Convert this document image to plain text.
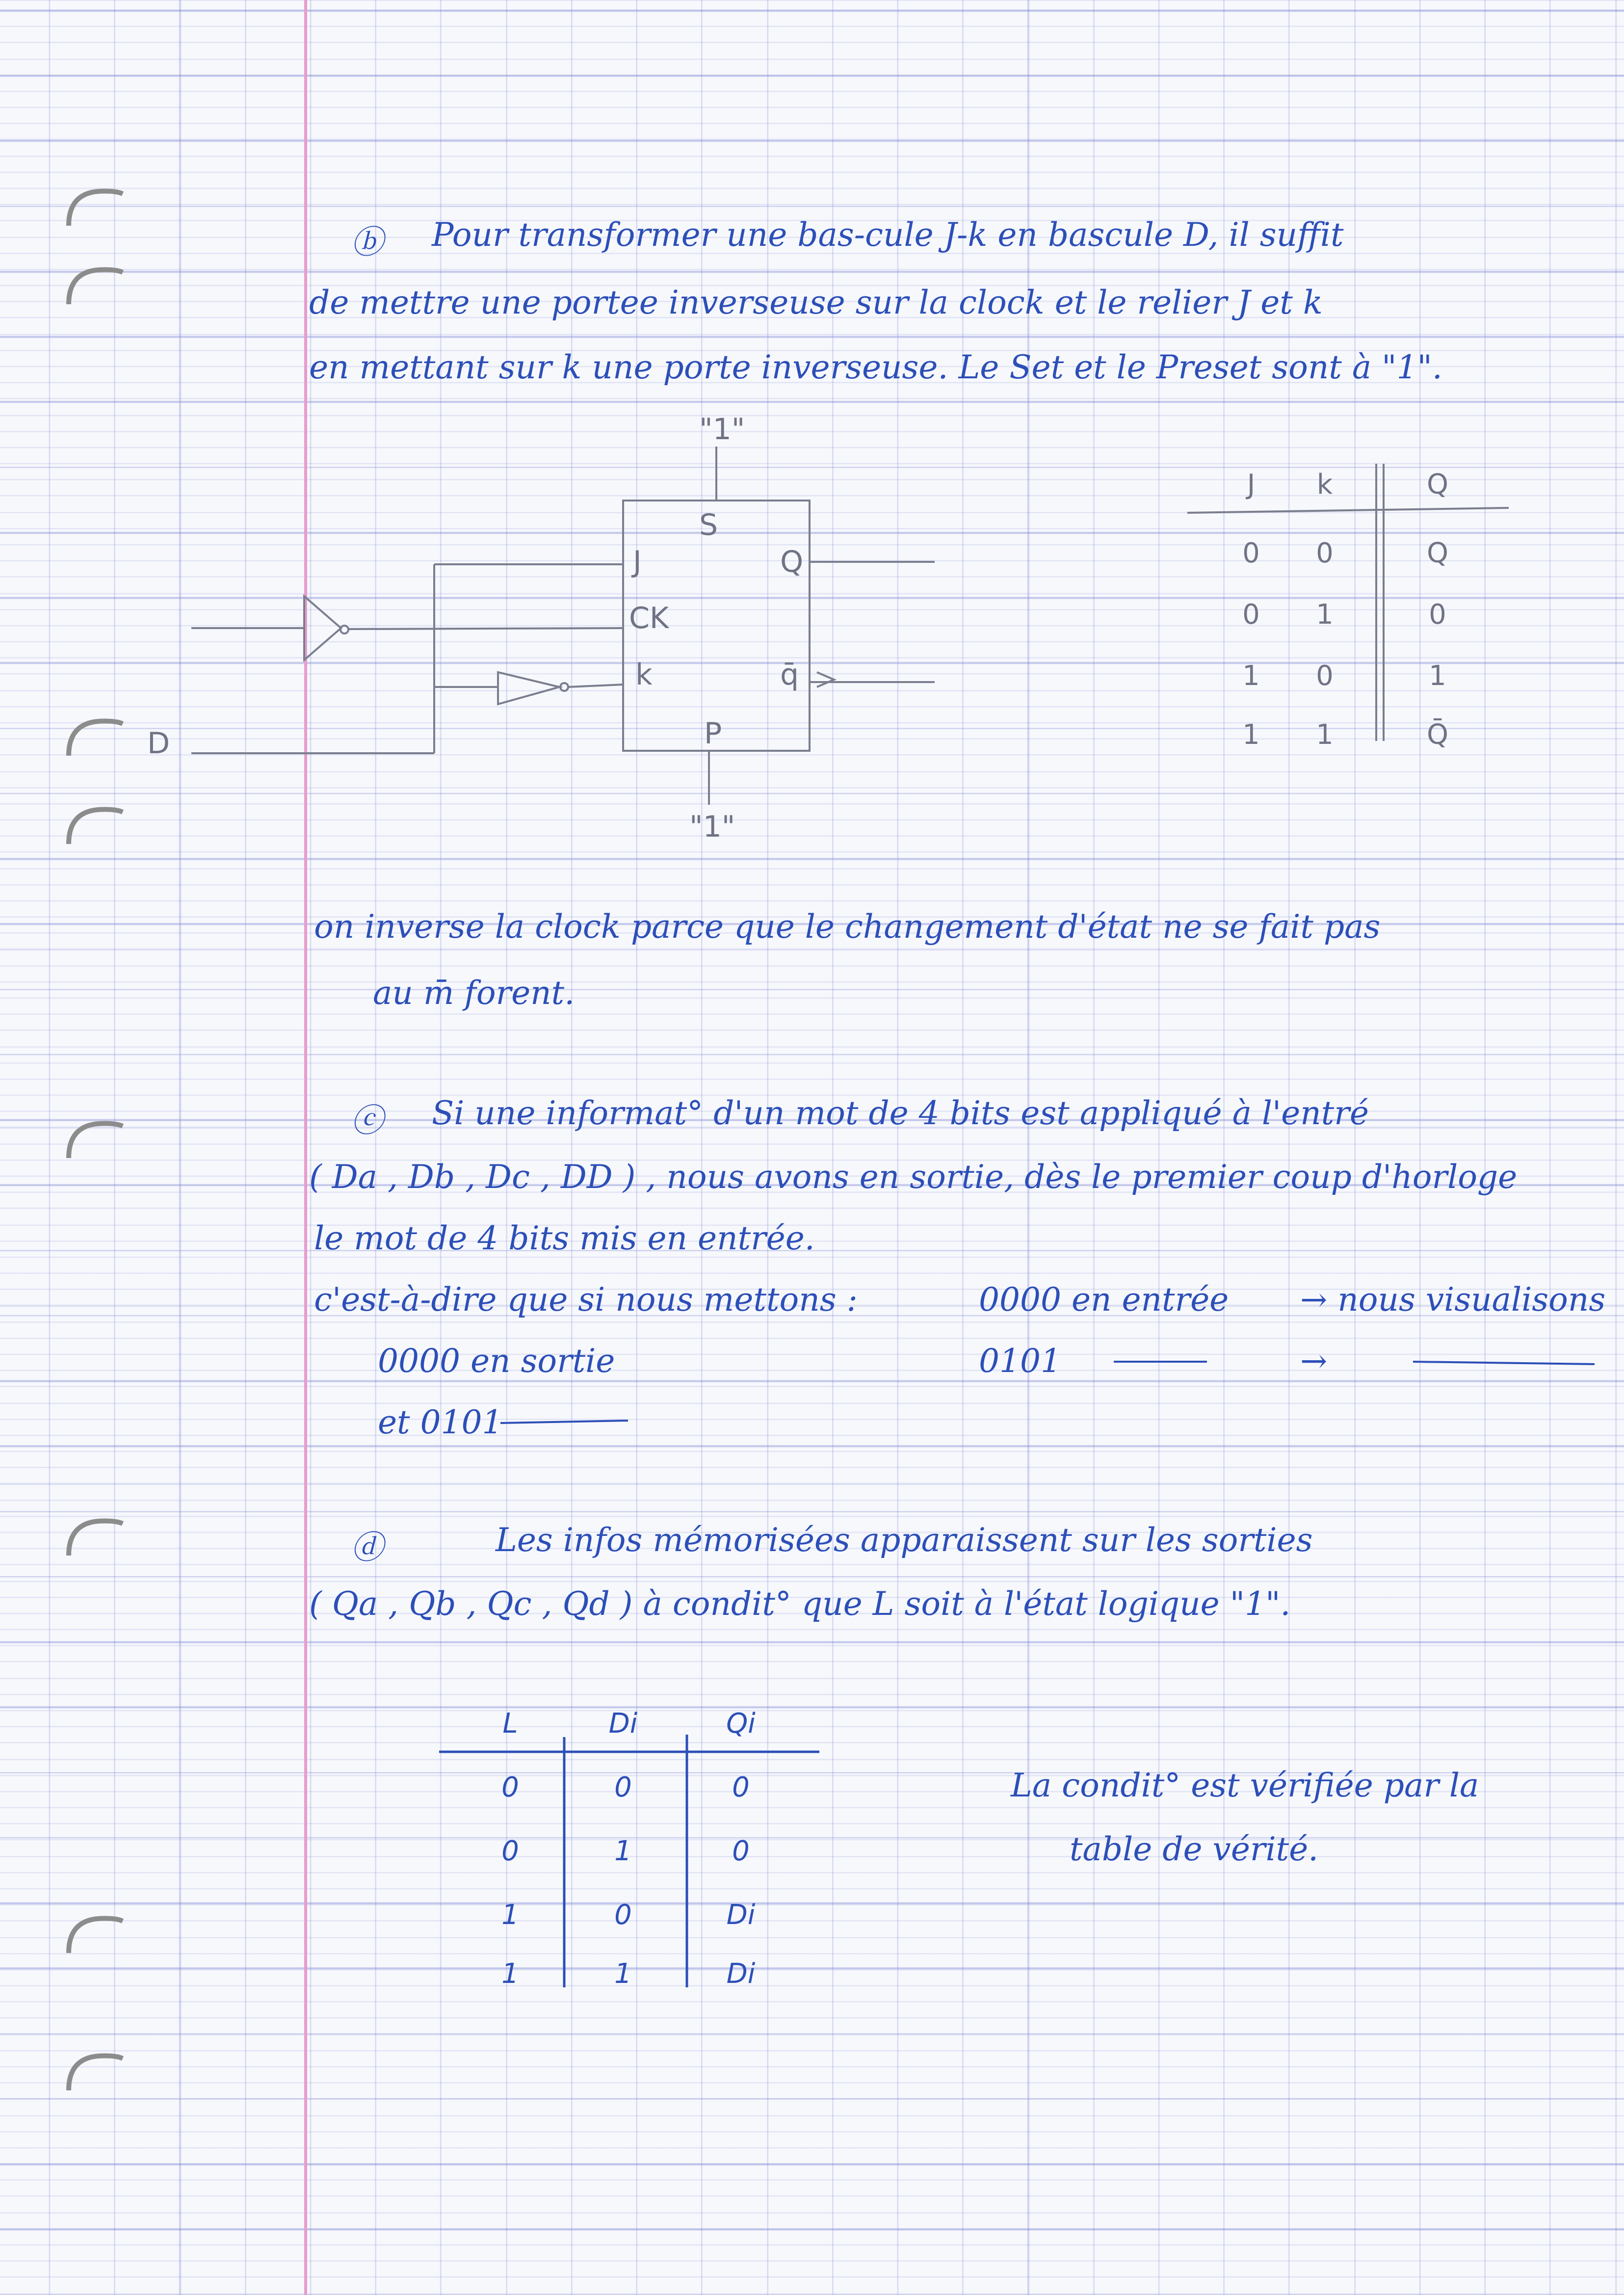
ⓑ Pour transformer une bas-cule J-k en bascule D, il suffit
de mettre une portee inverseuse sur la clock et le relier J et k
en mettant sur k une porte inverseuse. Le Set et le Preset sont à "1".
D
"1"
"1"
S
J
CK
k
P
Q
q̄
J	k	Q
0	0	Q
0	1	0
1	0	1
1	1	Q̄
on inverse la clock parce que le changement d'état ne se fait pas
au m̄ forent.
ⓒ Si une informat° d'un mot de 4 bits est appliqué à l'entré
( Da , Db , Dc , DD ) , nous avons en sortie, dès le premier coup d'horloge
le mot de 4 bits mis en entrée.
c'est-à-dire que si nous mettons :	0000 en entrée → nous visualisons
0000 en sortie	0101	→
et 0101
ⓓ	Les infos mémorisées apparaissent sur les sorties
( Qa , Qb , Qc , Qd ) à condit° que L soit à l'état logique "1".
L	Di	Qi
0	0	0
0	1	0
1	0	Di
1	1	Di
La condit° est vérifiée par la
table de vérité.
